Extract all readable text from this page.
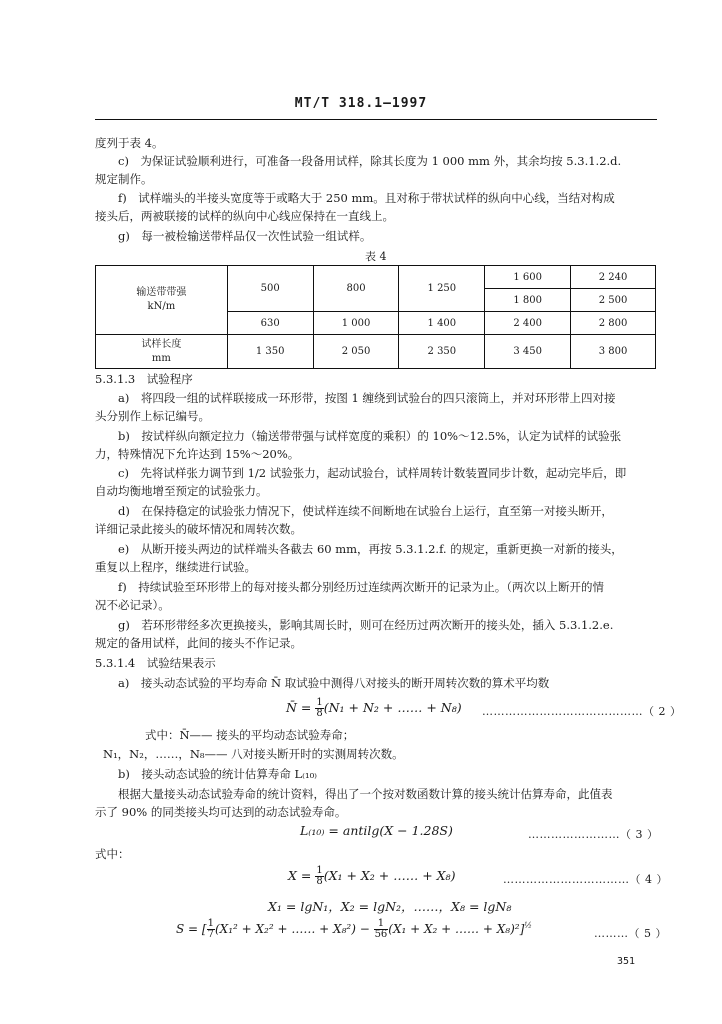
MT/T 318.1—1997
度列于表 4。
c)　为保证试验顺利进行，可准备一段备用试样，除其长度为 1 000 mm 外，其余均按 5.3.1.2.d.
规定制作。
f)　试样端头的半接头宽度等于或略大于 250 mm。且对称于带状试样的纵向中心线，当结对构成
接头后，两被联接的试样的纵向中心线应保持在一直线上。
g)　每一被检输送带样品仅一次性试验一组试样。
表 4
输送带带强
kN/m	500	800	1 250	1 600	2 240
				1 800	2 500
	630	1 000	1 400	2 400	2 800

试样长度
mm	1 350	2 050	2 350	3 450	3 800
5.3.1.3　试验程序
a)　将四段一组的试样联接成一环形带，按图 1 缠绕到试验台的四只滚筒上，并对环形带上四对接
头分别作上标记编号。
b)　按试样纵向额定拉力（输送带带强与试样宽度的乘积）的 10%～12.5%，认定为试样的试验张
力，特殊情况下允许达到 15%～20%。
c)　先将试样张力调节到 1/2 试验张力，起动试验台，试样周转计数装置同步计数，起动完毕后，即
自动均衡地增至预定的试验张力。
d)　在保持稳定的试验张力情况下，使试样连续不间断地在试验台上运行，直至第一对接头断开，
详细记录此接头的破坏情况和周转次数。
e)　从断开接头两边的试样端头各截去 60 mm，再按 5.3.1.2.f. 的规定，重新更换一对新的接头，
重复以上程序，继续进行试验。
f)　持续试验至环形带上的每对接头都分别经历过连续两次断开的记录为止。（两次以上断开的情
况不必记录）。
g)　若环形带经多次更换接头，影响其周长时，则可在经历过两次断开的接头处，插入 5.3.1.2.e.
规定的备用试样，此间的接头不作记录。
5.3.1.4　试验结果表示
a)　接头动态试验的平均寿命 N̄ 取试验中测得八对接头的断开周转次数的算术平均数
N̄ = $\frac{1}{8} (N_1 + N_2$ + …… + N₈) ……………………………………（ 2 ）
式中：N̄—— 接头的平均动态试验寿命；
N₁，N₂，……，N₈—— 八对接头断开时的实测周转次数。
b)　接头动态试验的统计估算寿命 L₍₁₀₎
根据大量接头动态试验寿命的统计资料，得出了一个按对数函数计算的接头统计估算寿命，此值表
示了 90% 的同类接头均可达到的动态试验寿命。
L₍₁₀₎ = antilg(X − 1.28S)	……………………（ 3 ）
式中：
$X = \frac{1}{8} (X_1 + X_2$ + …… + X₈)	……………………………（ 4 ）
X₁ = lgN₁，X₂ = lgN₂，……，X₈ = lgN₈
S = [ $\frac{1}{7} (X_1^2 + X_2^2$ + …… + $X_8^2) - \frac{1}{56} (X_1 + X_2$ + …… + X₈)²]$^{\frac{1}{2}}$
………（ 5 ）
351
